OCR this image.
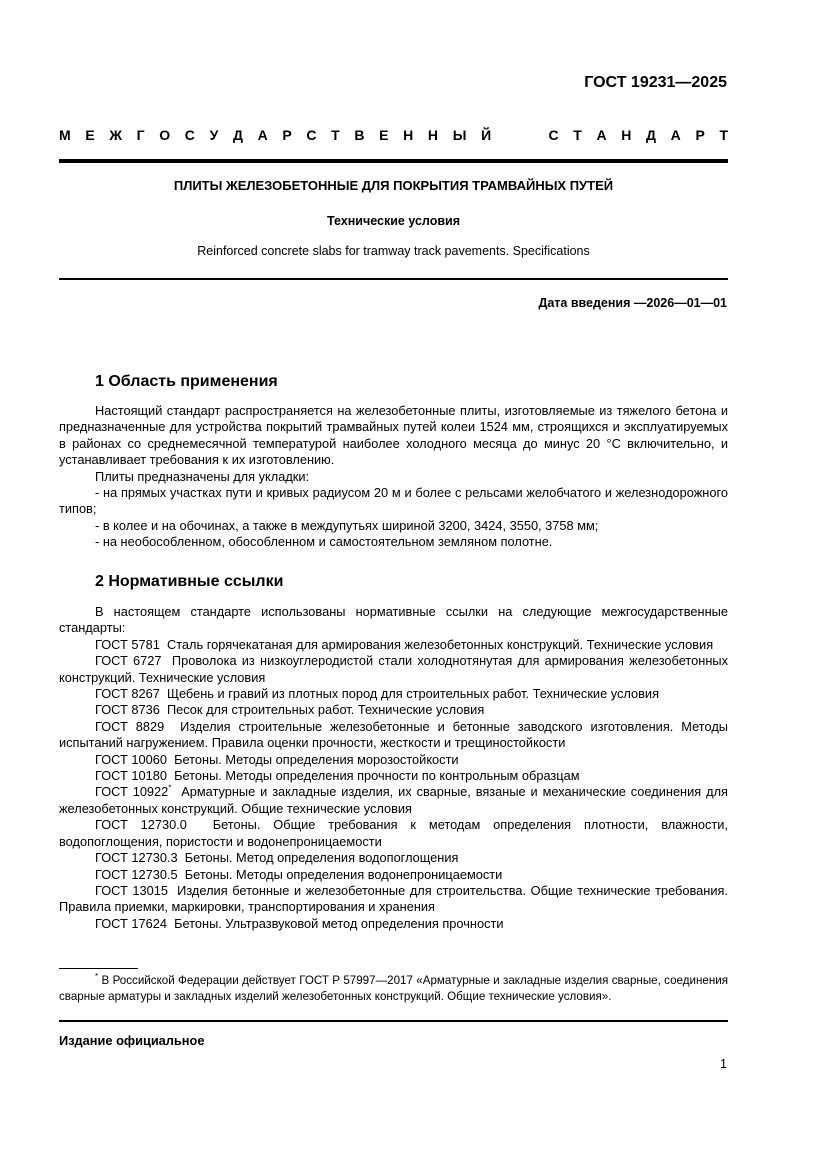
ГОСТ 19231—2025
М Е Ж Г О С У Д А Р С Т В Е Н Н Ы Й	С Т А Н Д А Р Т
ПЛИТЫ ЖЕЛЕЗОБЕТОННЫЕ ДЛЯ ПОКРЫТИЯ ТРАМВАЙНЫХ ПУТЕЙ
Технические условия
Reinforced concrete slabs for tramway track pavements. Specifications
Дата введения —2026—01—01
1 Область применения

Настоящий стандарт распространяется на железобетонные плиты, изготовляемые из тяжелого бетона и предназначенные для устройства покрытий трамвайных путей колеи 1524 мм, строящихся и эксплуатируемых в районах со среднемесячной температурой наиболее холодного месяца до минус 20 °С включительно, и устанавливает требования к их изготовлению.

Плиты предназначены для укладки:

- на прямых участках пути и кривых радиусом 20 м и более с рельсами желобчатого и железнодорожного типов;

- в колее и на обочинах, а также в междупутьях шириной 3200, 3424, 3550, 3758 мм;

- на необособленном, обособленном и самостоятельном земляном полотне.

2 Нормативные ссылки

В настоящем стандарте использованы нормативные ссылки на следующие межгосударственные стандарты:

ГОСТ 5781 Сталь горячекатаная для армирования железобетонных конструкций. Технические условия

ГОСТ 6727 Проволока из низкоуглеродистой стали холоднотянутая для армирования железобетонных конструкций. Технические условия

ГОСТ 8267 Щебень и гравий из плотных пород для строительных работ. Технические условия

ГОСТ 8736 Песок для строительных работ. Технические условия

ГОСТ 8829 Изделия строительные железобетонные и бетонные заводского изготовления. Методы испытаний нагружением. Правила оценки прочности, жесткости и трещиностойкости

ГОСТ 10060 Бетоны. Методы определения морозостойкости

ГОСТ 10180 Бетоны. Методы определения прочности по контрольным образцам

ГОСТ 10922* Арматурные и закладные изделия, их сварные, вязаные и механические соединения для железобетонных конструкций. Общие технические условия

ГОСТ 12730.0 Бетоны. Общие требования к методам определения плотности, влажности, водопоглощения, пористости и водонепроницаемости

ГОСТ 12730.3 Бетоны. Метод определения водопоглощения

ГОСТ 12730.5 Бетоны. Методы определения водонепроницаемости

ГОСТ 13015 Изделия бетонные и железобетонные для строительства. Общие технические требования. Правила приемки, маркировки, транспортирования и хранения

ГОСТ 17624 Бетоны. Ультразвуковой метод определения прочности

* В Российской Федерации действует ГОСТ Р 57997—2017 «Арматурные и закладные изделия сварные, соединения сварные арматуры и закладных изделий железобетонных конструкций. Общие технические условия».

Издание официальное
1
